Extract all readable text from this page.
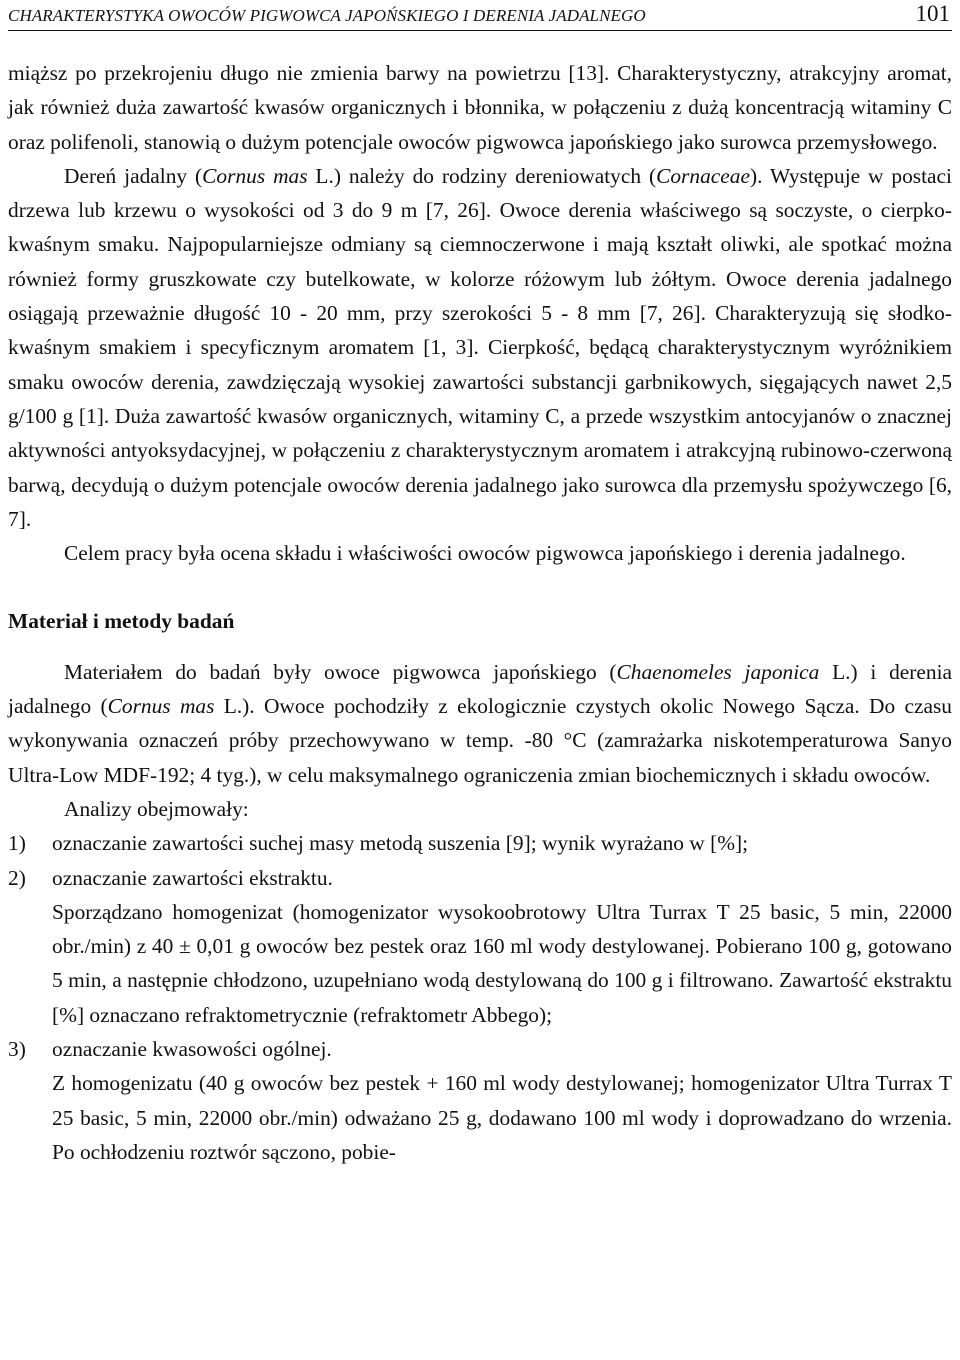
CHARAKTERYSTYKA OWOCÓW PIGWOWCA JAPOŃSKIEGO I DERENIA JADALNEGO	101

miąższ po przekrojeniu długo nie zmienia barwy na powietrzu [13]. Charakterystyczny, atrakcyjny aromat, jak również duża zawartość kwasów organicznych i błonnika, w połączeniu z dużą koncentracją witaminy C oraz polifenoli, stanowią o dużym potencjale owoców pigwowca japońskiego jako surowca przemysłowego.

Dereń jadalny (Cornus mas L.) należy do rodziny dereniowatych (Cornaceae). Występuje w postaci drzewa lub krzewu o wysokości od 3 do 9 m [7, 26]. Owoce derenia właściwego są soczyste, o cierpko-kwaśnym smaku. Najpopularniejsze odmiany są ciemnoczerwone i mają kształt oliwki, ale spotkać można również formy gruszkowate czy butelkowate, w kolorze różowym lub żółtym. Owoce derenia jadalnego osiągają przeważnie długość 10 - 20 mm, przy szerokości 5 - 8 mm [7, 26]. Charakteryzują się słodko-kwaśnym smakiem i specyficznym aromatem [1, 3]. Cierpkość, będącą charakterystycznym wyróżnikiem smaku owoców derenia, zawdzięczają wysokiej zawartości substancji garbnikowych, sięgających nawet 2,5 g/100 g [1]. Duża zawartość kwasów organicznych, witaminy C, a przede wszystkim antocyjanów o znacznej aktywności antyoksydacyjnej, w połączeniu z charakterystycznym aromatem i atrakcyjną rubinowo-czerwoną barwą, decydują o dużym potencjale owoców derenia jadalnego jako surowca dla przemysłu spożywczego [6, 7].

Celem pracy była ocena składu i właściwości owoców pigwowca japońskiego i derenia jadalnego.

Materiał i metody badań

Materiałem do badań były owoce pigwowca japońskiego (Chaenomeles japonica L.) i derenia jadalnego (Cornus mas L.). Owoce pochodziły z ekologicznie czystych okolic Nowego Sącza. Do czasu wykonywania oznaczeń próby przechowywano w temp. -80 °C (zamrażarka niskotemperaturowa Sanyo Ultra-Low MDF-192; 4 tyg.), w celu maksymalnego ograniczenia zmian biochemicznych i składu owoców.

Analizy obejmowały:

1) oznaczanie zawartości suchej masy metodą suszenia [9]; wynik wyrażano w [%];
2) oznaczanie zawartości ekstraktu.

Sporządzano homogenizat (homogenizator wysokoobrotowy Ultra Turrax T 25 basic, 5 min, 22000 obr./min) z 40 ± 0,01 g owoców bez pestek oraz 160 ml wody destylowanej. Pobierano 100 g, gotowano 5 min, a następnie chłodzono, uzupełniano wodą destylowaną do 100 g i filtrowano. Zawartość ekstraktu [%] oznaczano refraktometrycznie (refraktometr Abbego);

3) oznaczanie kwasowości ogólnej.

Z homogenizatu (40 g owoców bez pestek + 160 ml wody destylowanej; homogenizator Ultra Turrax T 25 basic, 5 min, 22000 obr./min) odważano 25 g, dodawano 100 ml wody i doprowadzano do wrzenia. Po ochłodzeniu roztwór sączono, pobie-
